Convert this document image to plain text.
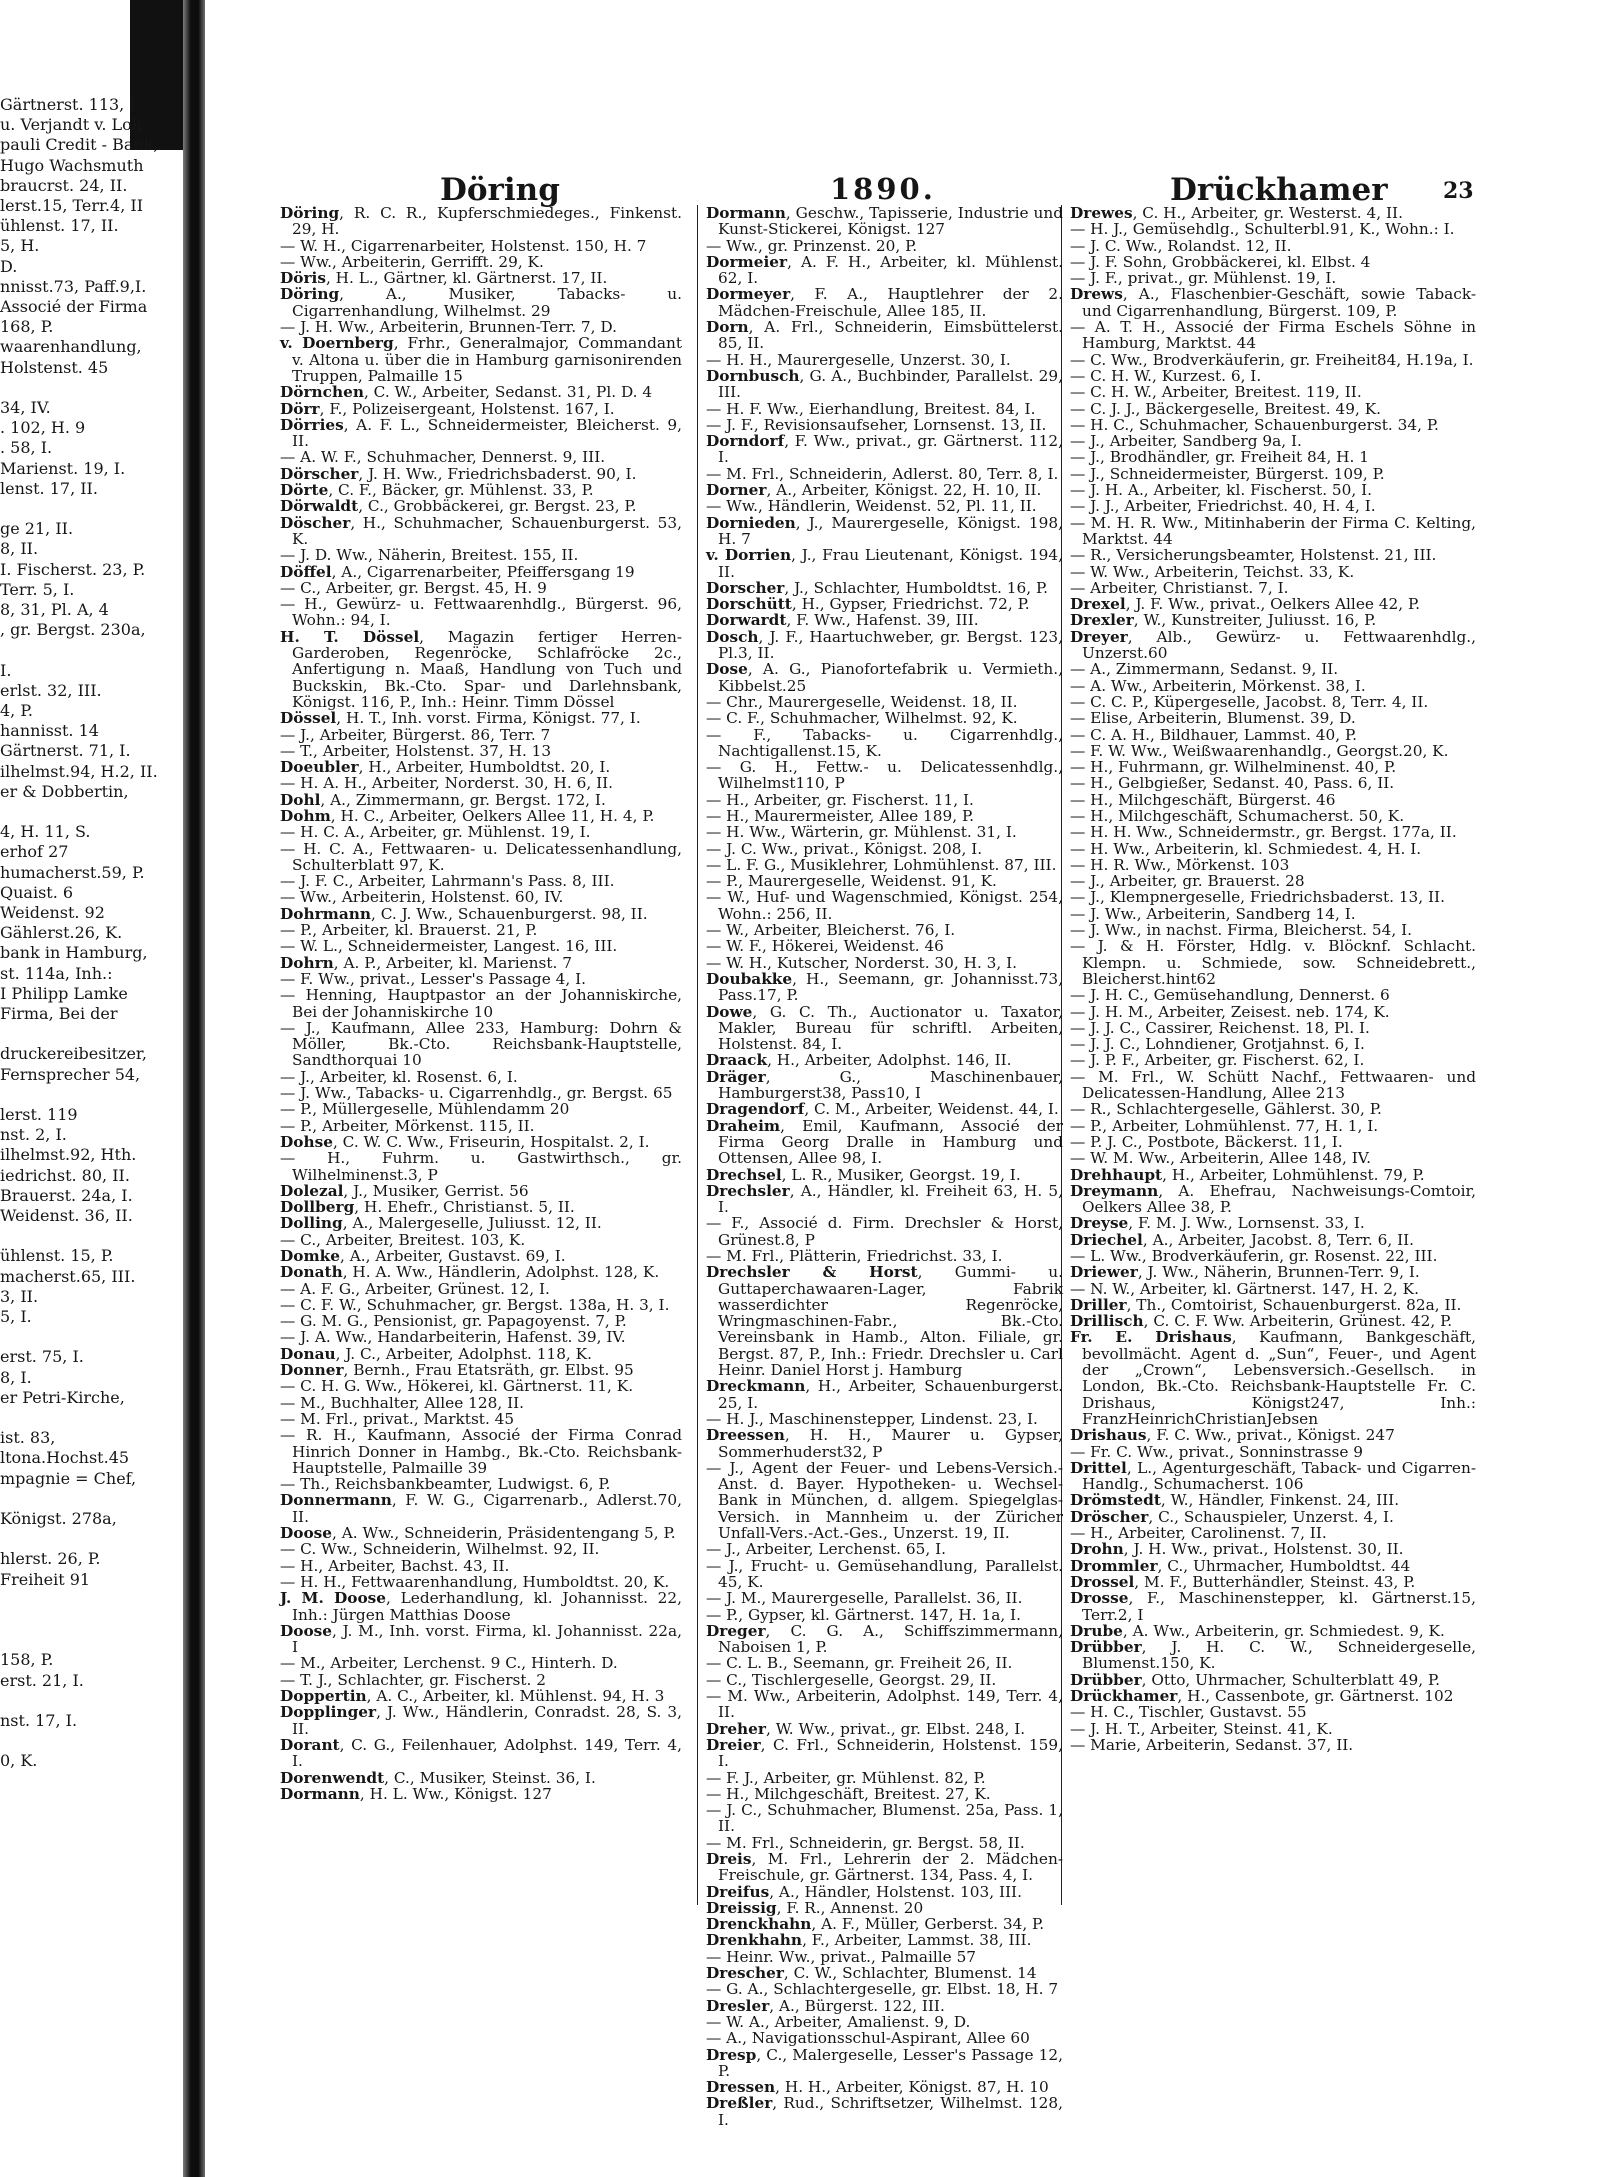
Gärtnerst. 113, I.
u. Verjandt v. Loh-
pauli Credit - Bank,
Hugo Wachsmuth
braucrst. 24, II.
lerst.15, Terr.4, II
ühlenst. 17, II.
5, H.
D.
nnisst.73, Paff.9,I.
Associé der Firma
168, P.
waarenhandlung,
Holstenst. 45
34, IV.
. 102, H. 9
. 58, I.
Marienst. 19, I.
lenst. 17, II.
ge 21, II.
8, II.
I. Fischerst. 23, P.
Terr. 5, I.
8, 31, Pl. A, 4
, gr. Bergst. 230a,
I.
erlst. 32, III.
4, P.
hannisst. 14
Gärtnerst. 71, I.
ilhelmst.94, H.2, II.
er & Dobbertin,
4, H. 11, S.
erhof 27
humacherst.59, P.
Quaist. 6
Weidenst. 92
Gählerst.26, K.
bank in Hamburg,
st. 114a, Inh.:
I Philipp Lamke
Firma, Bei der
druckereibesitzer,
Fernsprecher 54,
lerst. 119
nst. 2, I.
ilhelmst.92, Hth.
iedrichst. 80, II.
Brauerst. 24a, I.
Weidenst. 36, II.
ühlenst. 15, P.
macherst.65, III.
3, II.
5, I.
erst. 75, I.
8, I.
er Petri-Kirche,
ist. 83,
ltona.Hochst.45
mpagnie = Chef,
Königst. 278a,
hlerst. 26, P.
Freiheit 91
158, P.
erst. 21, I.
nst. 17, I.
0, K.
Döring	1890.	Drückhamer	23
Döring, R. C. R., Kupferschmiedeges., Finkenst. 29, H.
— W. H., Cigarrenarbeiter, Holstenst. 150, H. 7
— Ww., Arbeiterin, Gerrifft. 29, K.
Döris, H. L., Gärtner, kl. Gärtnerst. 17, II.
Döring, A., Musiker, Tabacks- u. Cigarrenhandlung, Wilhelmst. 29
— J. H. Ww., Arbeiterin, Brunnen-Terr. 7, D.
v. Doernberg, Frhr., Generalmajor, Commandant v. Altona u. über die in Hamburg garnisonirenden Truppen, Palmaille 15
Dörnchen, C. W., Arbeiter, Sedanst. 31, Pl. D. 4
Dörr, F., Polizeisergeant, Holstenst. 167, I.
Dörries, A. F. L., Schneidermeister, Bleicherst. 9, II.
— A. W. F., Schuhmacher, Dennerst. 9, III.
Dörscher, J. H. Ww., Friedrichsbaderst. 90, I.
Dörte, C. F., Bäcker, gr. Mühlenst. 33, P.
Dörwaldt, C., Grobbäckerei, gr. Bergst. 23, P.
Döscher, H., Schuhmacher, Schauenburgerst. 53, K.
— J. D. Ww., Näherin, Breitest. 155, II.
Döffel, A., Cigarrenarbeiter, Pfeiffersgang 19
— C., Arbeiter, gr. Bergst. 45, H. 9
— H., Gewürz- u. Fettwaarenhdlg., Bürgerst. 96, Wohn.: 94, I.
H. T. Dössel, Magazin fertiger Herren-Garderoben, Regenröcke, Schlafröcke 2c., Anfertigung n. Maaß, Handlung von Tuch und Buckskin, Bk.-Cto. Spar- und Darlehnsbank, Königst. 116, P., Inh.: Heinr. Timm Dössel
Dössel, H. T., Inh. vorst. Firma, Königst. 77, I.
— J., Arbeiter, Bürgerst. 86, Terr. 7
— T., Arbeiter, Holstenst. 37, H. 13
Doeubler, H., Arbeiter, Humboldtst. 20, I.
— H. A. H., Arbeiter, Norderst. 30, H. 6, II.
Dohl, A., Zimmermann, gr. Bergst. 172, I.
Dohm, H. C., Arbeiter, Oelkers Allee 11, H. 4, P.
— H. C. A., Arbeiter, gr. Mühlenst. 19, I.
— H. C. A., Fettwaaren- u. Delicatessenhandlung, Schulterblatt 97, K.
— J. F. C., Arbeiter, Lahrmann's Pass. 8, III.
— Ww., Arbeiterin, Holstenst. 60, IV.
Dohrmann, C. J. Ww., Schauenburgerst. 98, II.
— P., Arbeiter, kl. Brauerst. 21, P.
— W. L., Schneidermeister, Langest. 16, III.
Dohrn, A. P., Arbeiter, kl. Marienst. 7
— F. Ww., privat., Lesser's Passage 4, I.
— Henning, Hauptpastor an der Johanniskirche, Bei der Johanniskirche 10
— J., Kaufmann, Allee 233, Hamburg: Dohrn & Möller, Bk.-Cto. Reichsbank-Hauptstelle, Sandthorquai 10
— J., Arbeiter, kl. Rosenst. 6, I.
— J. Ww., Tabacks- u. Cigarrenhdlg., gr. Bergst. 65
— P., Müllergeselle, Mühlendamm 20
— P., Arbeiter, Mörkenst. 115, II.
Dohse, C. W. C. Ww., Friseurin, Hospitalst. 2, I.
— H., Fuhrm. u. Gastwirthsch., gr. Wilhelminenst.3, P
Dolezal, J., Musiker, Gerrist. 56
Dollberg, H. Ehefr., Christianst. 5, II.
Dolling, A., Malergeselle, Juliusst. 12, II.
— C., Arbeiter, Breitest. 103, K.
Domke, A., Arbeiter, Gustavst. 69, I.
Donath, H. A. Ww., Händlerin, Adolphst. 128, K.
— A. F. G., Arbeiter, Grünest. 12, I.
— C. F. W., Schuhmacher, gr. Bergst. 138a, H. 3, I.
— G. M. G., Pensionist, gr. Papagoyenst. 7, P.
— J. A. Ww., Handarbeiterin, Hafenst. 39, IV.
Donau, J. C., Arbeiter, Adolphst. 118, K.
Donner, Bernh., Frau Etatsräth, gr. Elbst. 95
— C. H. G. Ww., Hökerei, kl. Gärtnerst. 11, K.
— M., Buchhalter, Allee 128, II.
— M. Frl., privat., Marktst. 45
— R. H., Kaufmann, Associé der Firma Conrad Hinrich Donner in Hambg., Bk.-Cto. Reichsbank-Hauptstelle, Palmaille 39
— Th., Reichsbankbeamter, Ludwigst. 6, P.
Donnermann, F. W. G., Cigarrenarb., Adlerst.70, II.
Doose, A. Ww., Schneiderin, Präsidentengang 5, P.
— C. Ww., Schneiderin, Wilhelmst. 92, II.
— H., Arbeiter, Bachst. 43, II.
— H. H., Fettwaarenhandlung, Humboldtst. 20, K.
J. M. Doose, Lederhandlung, kl. Johannisst. 22, Inh.: Jürgen Matthias Doose
Doose, J. M., Inh. vorst. Firma, kl. Johannisst. 22a, I
— M., Arbeiter, Lerchenst. 9 C., Hinterh. D.
— T. J., Schlachter, gr. Fischerst. 2
Doppertin, A. C., Arbeiter, kl. Mühlenst. 94, H. 3
Dopplinger, J. Ww., Händlerin, Conradst. 28, S. 3, II.
Dorant, C. G., Feilenhauer, Adolphst. 149, Terr. 4, I.
Dorenwendt, C., Musiker, Steinst. 36, I.
Dormann, H. L. Ww., Königst. 127
Dormann, Geschw., Tapisserie, Industrie und Kunst-Stickerei, Königst. 127
— Ww., gr. Prinzenst. 20, P.
Dormeier, A. F. H., Arbeiter, kl. Mühlenst. 62, I.
Dormeyer, F. A., Hauptlehrer der 2. Mädchen-Freischule, Allee 185, II.
Dorn, A. Frl., Schneiderin, Eimsbüttelerst. 85, II.
— H. H., Maurergeselle, Unzerst. 30, I.
Dornbusch, G. A., Buchbinder, Parallelst. 29, III.
— H. F. Ww., Eierhandlung, Breitest. 84, I.
— J. F., Revisionsaufseher, Lornsenst. 13, II.
Dorndorf, F. Ww., privat., gr. Gärtnerst. 112, I.
— M. Frl., Schneiderin, Adlerst. 80, Terr. 8, I.
Dorner, A., Arbeiter, Königst. 22, H. 10, II.
— Ww., Händlerin, Weidenst. 52, Pl. 11, II.
Dornieden, J., Maurergeselle, Königst. 198, H. 7
v. Dorrien, J., Frau Lieutenant, Königst. 194, II.
Dorscher, J., Schlachter, Humboldtst. 16, P.
Dorschütt, H., Gypser, Friedrichst. 72, P.
Dorwardt, F. Ww., Hafenst. 39, III.
Dosch, J. F., Haartuchweber, gr. Bergst. 123, Pl.3, II.
Dose, A. G., Pianofortefabrik u. Vermieth., Kibbelst.25
— Chr., Maurergeselle, Weidenst. 18, II.
— C. F., Schuhmacher, Wilhelmst. 92, K.
— F., Tabacks- u. Cigarrenhdlg., Nachtigallenst.15, K.
— G. H., Fettw.- u. Delicatessenhdlg., Wilhelmst110, P
— H., Arbeiter, gr. Fischerst. 11, I.
— H., Maurermeister, Allee 189, P.
— H. Ww., Wärterin, gr. Mühlenst. 31, I.
— J. C. Ww., privat., Königst. 208, I.
— L. F. G., Musiklehrer, Lohmühlenst. 87, III.
— P., Maurergeselle, Weidenst. 91, K.
— W., Huf- und Wagenschmied, Königst. 254, Wohn.: 256, II.
— W., Arbeiter, Bleicherst. 76, I.
— W. F., Hökerei, Weidenst. 46
— W. H., Kutscher, Norderst. 30, H. 3, I.
Doubakke, H., Seemann, gr. Johannisst.73, Pass.17, P.
Dowe, G. C. Th., Auctionator u. Taxator, Makler, Bureau für schriftl. Arbeiten, Holstenst. 84, I.
Draack, H., Arbeiter, Adolphst. 146, II.
Dräger, G., Maschinenbauer, Hamburgerst38, Pass10, I
Dragendorf, C. M., Arbeiter, Weidenst. 44, I.
Draheim, Emil, Kaufmann, Associé der Firma Georg Dralle in Hamburg und Ottensen, Allee 98, I.
Drechsel, L. R., Musiker, Georgst. 19, I.
Drechsler, A., Händler, kl. Freiheit 63, H. 5, I.
— F., Associé d. Firm. Drechsler & Horst, Grünest.8, P
— M. Frl., Plätterin, Friedrichst. 33, I.
Drechsler & Horst, Gummi- u. Guttaperchawaaren-Lager, Fabrik wasserdichter Regenröcke, Wringmaschinen-Fabr., Bk.-Cto. Vereinsbank in Hamb., Alton. Filiale, gr. Bergst. 87, P., Inh.: Friedr. Drechsler u. Carl Heinr. Daniel Horst j. Hamburg
Dreckmann, H., Arbeiter, Schauenburgerst. 25, I.
— H. J., Maschinenstepper, Lindenst. 23, I.
Dreessen, H. H., Maurer u. Gypser, Sommerhuderst32, P
— J., Agent der Feuer- und Lebens-Versich.-Anst. d. Bayer. Hypotheken- u. Wechsel-Bank in München, d. allgem. Spiegelglas-Versich. in Mannheim u. der Züricher Unfall-Vers.-Act.-Ges., Unzerst. 19, II.
— J., Arbeiter, Lerchenst. 65, I.
— J., Frucht- u. Gemüsehandlung, Parallelst. 45, K.
— J. M., Maurergeselle, Parallelst. 36, II.
— P., Gypser, kl. Gärtnerst. 147, H. 1a, I.
Dreger, C. G. A., Schiffszimmermann, Naboisen 1, P.
— C. L. B., Seemann, gr. Freiheit 26, II.
— C., Tischlergeselle, Georgst. 29, II.
— M. Ww., Arbeiterin, Adolphst. 149, Terr. 4, II.
Dreher, W. Ww., privat., gr. Elbst. 248, I.
Dreier, C. Frl., Schneiderin, Holstenst. 159, I.
— F. J., Arbeiter, gr. Mühlenst. 82, P.
— H., Milchgeschäft, Breitest. 27, K.
— J. C., Schuhmacher, Blumenst. 25a, Pass. 1, II.
— M. Frl., Schneiderin, gr. Bergst. 58, II.
Dreis, M. Frl., Lehrerin der 2. Mädchen-Freischule, gr. Gärtnerst. 134, Pass. 4, I.
Dreifus, A., Händler, Holstenst. 103, III.
Dreissig, F. R., Annenst. 20
Drenckhahn, A. F., Müller, Gerberst. 34, P.
Drenkhahn, F., Arbeiter, Lammst. 38, III.
— Heinr. Ww., privat., Palmaille 57
Drescher, C. W., Schlachter, Blumenst. 14
— G. A., Schlachtergeselle, gr. Elbst. 18, H. 7
Dresler, A., Bürgerst. 122, III.
— W. A., Arbeiter, Amalienst. 9, D.
— A., Navigationsschul-Aspirant, Allee 60
Dresp, C., Malergeselle, Lesser's Passage 12, P.
Dressen, H. H., Arbeiter, Königst. 87, H. 10
Dreßler, Rud., Schriftsetzer, Wilhelmst. 128, I.
Drewes, C. H., Arbeiter, gr. Westerst. 4, II.
— H. J., Gemüsehdlg., Schulterbl.91, K., Wohn.: I.
— J. C. Ww., Rolandst. 12, II.
— J. F. Sohn, Grobbäckerei, kl. Elbst. 4
— J. F., privat., gr. Mühlenst. 19, I.
Drews, A., Flaschenbier-Geschäft, sowie Taback- und Cigarrenhandlung, Bürgerst. 109, P.
— A. T. H., Associé der Firma Eschels Söhne in Hamburg, Marktst. 44
— C. Ww., Brodverkäuferin, gr. Freiheit84, H.19a, I.
— C. H. W., Kurzest. 6, I.
— C. H. W., Arbeiter, Breitest. 119, II.
— C. J. J., Bäckergeselle, Breitest. 49, K.
— H. C., Schuhmacher, Schauenburgerst. 34, P.
— J., Arbeiter, Sandberg 9a, I.
— J., Brodhändler, gr. Freiheit 84, H. 1
— J., Schneidermeister, Bürgerst. 109, P.
— J. H. A., Arbeiter, kl. Fischerst. 50, I.
— J. J., Arbeiter, Friedrichst. 40, H. 4, I.
— M. H. R. Ww., Mitinhaberin der Firma C. Kelting, Marktst. 44
— R., Versicherungsbeamter, Holstenst. 21, III.
— W. Ww., Arbeiterin, Teichst. 33, K.
— Arbeiter, Christianst. 7, I.
Drexel, J. F. Ww., privat., Oelkers Allee 42, P.
Drexler, W., Kunstreiter, Juliusst. 16, P.
Dreyer, Alb., Gewürz- u. Fettwaarenhdlg., Unzerst.60
— A., Zimmermann, Sedanst. 9, II.
— A. Ww., Arbeiterin, Mörkenst. 38, I.
— C. C. P., Küpergeselle, Jacobst. 8, Terr. 4, II.
— Elise, Arbeiterin, Blumenst. 39, D.
— C. A. H., Bildhauer, Lammst. 40, P.
— F. W. Ww., Weißwaarenhandlg., Georgst.20, K.
— H., Fuhrmann, gr. Wilhelminenst. 40, P.
— H., Gelbgießer, Sedanst. 40, Pass. 6, II.
— H., Milchgeschäft, Bürgerst. 46
— H., Milchgeschäft, Schumacherst. 50, K.
— H. H. Ww., Schneidermstr., gr. Bergst. 177a, II.
— H. Ww., Arbeiterin, kl. Schmiedest. 4, H. I.
— H. R. Ww., Mörkenst. 103
— J., Arbeiter, gr. Brauerst. 28
— J., Klempnergeselle, Friedrichsbaderst. 13, II.
— J. Ww., Arbeiterin, Sandberg 14, I.
— J. Ww., in nachst. Firma, Bleicherst. 54, I.
— J. & H. Förster, Hdlg. v. Blöcknf. Schlacht. Klempn. u. Schmiede, sow. Schneidebrett., Bleicherst.hint62
— J. H. C., Gemüsehandlung, Dennerst. 6
— J. H. M., Arbeiter, Zeisest. neb. 174, K.
— J. J. C., Cassirer, Reichenst. 18, Pl. I.
— J. J. C., Lohndiener, Grotjahnst. 6, I.
— J. P. F., Arbeiter, gr. Fischerst. 62, I.
— M. Frl., W. Schütt Nachf., Fettwaaren- und Delicatessen-Handlung, Allee 213
— R., Schlachtergeselle, Gählerst. 30, P.
— P., Arbeiter, Lohmühlenst. 77, H. 1, I.
— P. J. C., Postbote, Bäckerst. 11, I.
— W. M. Ww., Arbeiterin, Allee 148, IV.
Drehhaupt, H., Arbeiter, Lohmühlenst. 79, P.
Dreymann, A. Ehefrau, Nachweisungs-Comtoir, Oelkers Allee 38, P.
Dreyse, F. M. J. Ww., Lornsenst. 33, I.
Driechel, A., Arbeiter, Jacobst. 8, Terr. 6, II.
— L. Ww., Brodverkäuferin, gr. Rosenst. 22, III.
Driewer, J. Ww., Näherin, Brunnen-Terr. 9, I.
— N. W., Arbeiter, kl. Gärtnerst. 147, H. 2, K.
Driller, Th., Comtoirist, Schauenburgerst. 82a, II.
Drillisch, C. C. F. Ww. Arbeiterin, Grünest. 42, P.
Fr. E. Drishaus, Kaufmann, Bankgeschäft, bevollmächt. Agent d. „Sun“, Feuer-, und Agent der „Crown“, Lebensversich.-Gesellsch. in London, Bk.-Cto. Reichsbank-Hauptstelle Fr. C. Drishaus, Königst247, Inh.: FranzHeinrichChristianJebsen
Drishaus, F. C. Ww., privat., Königst. 247
— Fr. C. Ww., privat., Sonninstrasse 9
Drittel, L., Agenturgeschäft, Taback- und Cigarren-Handlg., Schumacherst. 106
Drömstedt, W., Händler, Finkenst. 24, III.
Dröscher, C., Schauspieler, Unzerst. 4, I.
— H., Arbeiter, Carolinenst. 7, II.
Drohn, J. H. Ww., privat., Holstenst. 30, II.
Drommler, C., Uhrmacher, Humboldtst. 44
Drossel, M. F., Butterhändler, Steinst. 43, P.
Drosse, F., Maschinenstepper, kl. Gärtnerst.15, Terr.2, I
Drube, A. Ww., Arbeiterin, gr. Schmiedest. 9, K.
Drübber, J. H. C. W., Schneidergeselle, Blumenst.150, K.
Drübber, Otto, Uhrmacher, Schulterblatt 49, P.
Drückhamer, H., Cassenbote, gr. Gärtnerst. 102
— H. C., Tischler, Gustavst. 55
— J. H. T., Arbeiter, Steinst. 41, K.
— Marie, Arbeiterin, Sedanst. 37, II.
